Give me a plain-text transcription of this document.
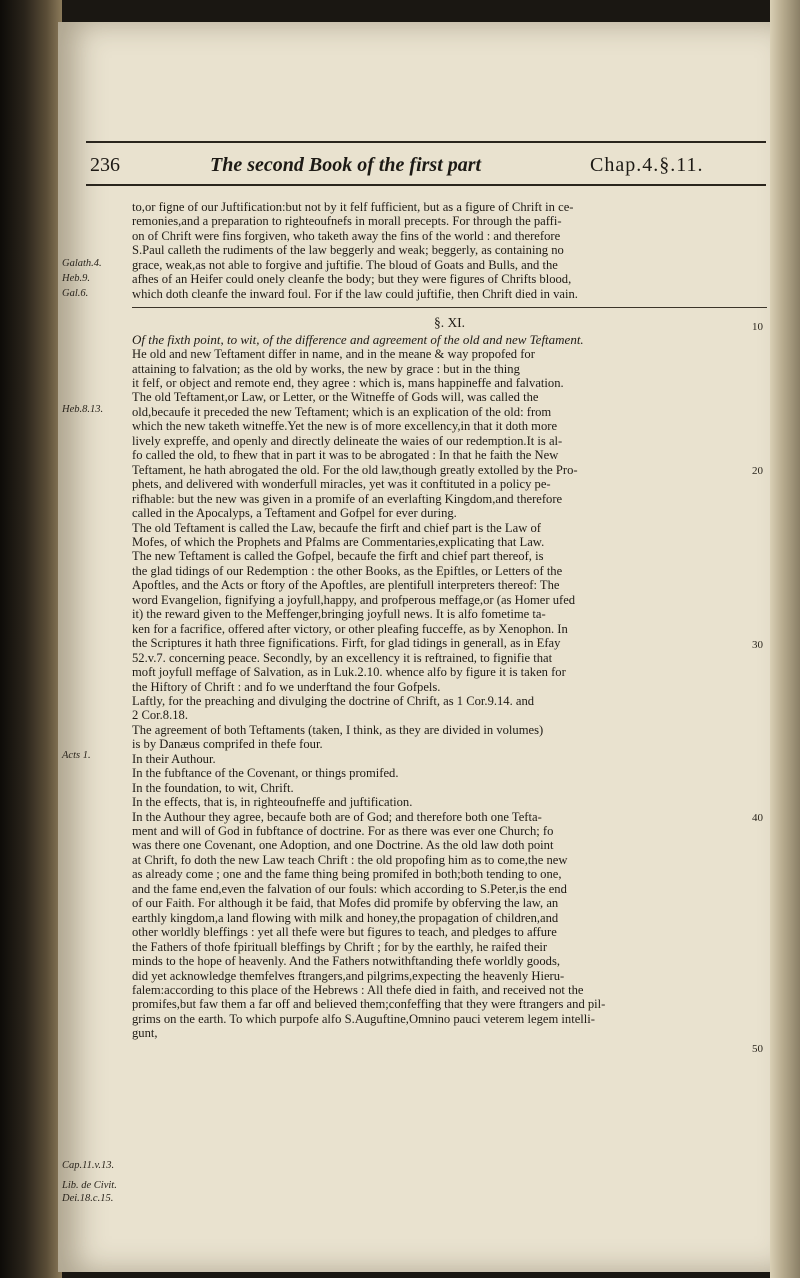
236	The second Book of the first part	Chap.4.§.11.
Galath.4.
Heb.9.
Gal.6.
Heb.8.13.
Acts 1.
Cap.11.v.13.
Lib. de Civit.
Dei.18.c.15.
10
20
30
40
50
to,or figne of our Juftification:but not by it felf fufficient, but as a figure of Chrift in ce-
remonies,and a preparation to righteoufnefs in morall precepts. For through the paffi-
on of Chrift were fins forgiven, who taketh away the fins of the world : and therefore
S.Paul calleth the rudiments of the law beggerly and weak; beggerly, as containing no
grace, weak,as not able to forgive and juftifie. The bloud of Goats and Bulls, and the
afhes of an Heifer could onely cleanfe the body; but they were figures of Chrifts blood,
which doth cleanfe the inward foul. For if the law could juftifie, then Chrift died in vain.
§. XI.
Of the fixth point, to wit, of the difference and agreement of the old and new Teftament.
He old and new Teftament differ in name, and in the meane & way propofed for
attaining to falvation; as the old by works, the new by grace : but in the thing
it felf, or object and remote end, they agree : which is, mans happineffe and falvation.
The old Teftament,or Law, or Letter, or the Witneffe of Gods will, was called the
old,becaufe it preceded the new Teftament; which is an explication of the old: from
which the new taketh witneffe.Yet the new is of more excellency,in that it doth more
lively expreffe, and openly and directly delineate the waies of our redemption.It is al-
fo called the old, to fhew that in part it was to be abrogated : In that he faith the New
Teftament, he hath abrogated the old. For the old law,though greatly extolled by the Pro-
phets, and delivered with wonderfull miracles, yet was it conftituted in a policy pe-
rifhable: but the new was given in a promife of an everlafting Kingdom,and therefore
called in the Apocalyps, a Teftament and Gofpel for ever during.
The old Teftament is called the Law, becaufe the firft and chief part is the Law of
Mofes, of which the Prophets and Pfalms are Commentaries,explicating that Law.
The new Teftament is called the Gofpel, becaufe the firft and chief part thereof, is
the glad tidings of our Redemption : the other Books, as the Epiftles, or Letters of the
Apoftles, and the Acts or ftory of the Apoftles, are plentifull interpreters thereof: The
word Evangelion, fignifying a joyfull,happy, and profperous meffage,or (as Homer ufed
it) the reward given to the Meffenger,bringing joyfull news. It is alfo fometime ta-
ken for a facrifice, offered after victory, or other pleafing fucceffe, as by Xenophon. In
the Scriptures it hath three fignifications. Firft, for glad tidings in generall, as in Efay
52.v.7. concerning peace. Secondly, by an excellency it is reftrained, to fignifie that
moft joyfull meffage of Salvation, as in Luk.2.10. whence alfo by figure it is taken for
the Hiftory of Chrift : and fo we underftand the four Gofpels.
Laftly, for the preaching and divulging the doctrine of Chrift, as 1 Cor.9.14. and
2 Cor.8.18.
The agreement of both Teftaments (taken, I think, as they are divided in volumes)
is by Danæus comprifed in thefe four.
In their Authour.
In the fubftance of the Covenant, or things promifed.
In the foundation, to wit, Chrift.
In the effects, that is, in righteoufneffe and juftification.
In the Authour they agree, becaufe both are of God; and therefore both one Tefta-
ment and will of God in fubftance of doctrine. For as there was ever one Church; fo
was there one Covenant, one Adoption, and one Doctrine. As the old law doth point
at Chrift, fo doth the new Law teach Chrift : the old propofing him as to come,the new
as already come ; one and the fame thing being promifed in both;both tending to one,
and the fame end,even the falvation of our fouls: which according to S.Peter,is the end
of our Faith. For although it be faid, that Mofes did promife by obferving the law, an
earthly kingdom,a land flowing with milk and honey,the propagation of children,and
other worldly bleffings : yet all thefe were but figures to teach, and pledges to affure
the Fathers of thofe fpirituall bleffings by Chrift ; for by the earthly, he raifed their
minds to the hope of heavenly. And the Fathers notwithftanding thefe worldly goods,
did yet acknowledge themfelves ftrangers,and pilgrims,expecting the heavenly Hieru-
falem:according to this place of the Hebrews : All thefe died in faith, and received not the
promifes,but faw them a far off and believed them;confeffing that they were ftrangers and pil-
grims on the earth. To which purpofe alfo S.Auguftine,Omnino pauci veterem legem intelli-
gunt,
